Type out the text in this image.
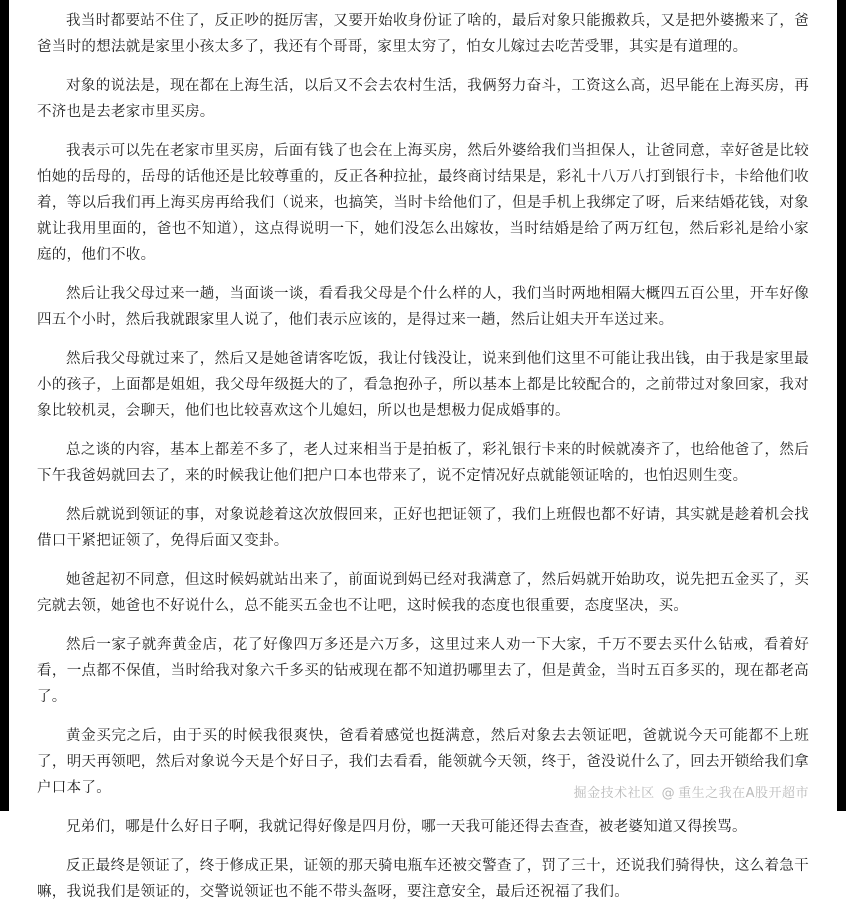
我当时都要站不住了，反正吵的挺厉害，又要开始收身份证了啥的，最后对象只能搬救兵，又是把外婆搬来了，爸爸当时的想法就是家里小孩太多了，我还有个哥哥，家里太穷了，怕女儿嫁过去吃苦受罪，其实是有道理的。

对象的说法是，现在都在上海生活，以后又不会去农村生活，我俩努力奋斗，工资这么高，迟早能在上海买房，再不济也是去老家市里买房。

我表示可以先在老家市里买房，后面有钱了也会在上海买房，然后外婆给我们当担保人，让爸同意，幸好爸是比较怕她的岳母的，岳母的话他还是比较尊重的，反正各种拉扯，最终商讨结果是，彩礼十八万八打到银行卡，卡给他们收着，等以后我们再上海买房再给我们（说来，也搞笑，当时卡给他们了，但是手机上我绑定了呀，后来结婚花钱，对象就让我用里面的，爸也不知道），这点得说明一下，她们没怎么出嫁妆，当时结婚是给了两万红包，然后彩礼是给小家庭的，他们不收。

然后让我父母过来一趟，当面谈一谈，看看我父母是个什么样的人，我们当时两地相隔大概四五百公里，开车好像四五个小时，然后我就跟家里人说了，他们表示应该的，是得过来一趟，然后让姐夫开车送过来。

然后我父母就过来了，然后又是她爸请客吃饭，我让付钱没让，说来到他们这里不可能让我出钱，由于我是家里最小的孩子，上面都是姐姐，我父母年级挺大的了，看急抱孙子，所以基本上都是比较配合的，之前带过对象回家，我对象比较机灵，会聊天，他们也比较喜欢这个儿媳妇，所以也是想极力促成婚事的。

总之谈的内容，基本上都差不多了，老人过来相当于是拍板了，彩礼银行卡来的时候就凑齐了，也给他爸了，然后下午我爸妈就回去了，来的时候我让他们把户口本也带来了，说不定情况好点就能领证啥的，也怕迟则生变。

然后就说到领证的事，对象说趁着这次放假回来，正好也把证领了，我们上班假也都不好请，其实就是趁着机会找借口干紧把证领了，免得后面又变卦。

她爸起初不同意，但这时候妈就站出来了，前面说到妈已经对我满意了，然后妈就开始助攻，说先把五金买了，买完就去领，她爸也不好说什么，总不能买五金也不让吧，这时候我的态度也很重要，态度坚决，买。

然后一家子就奔黄金店，花了好像四万多还是六万多，这里过来人劝一下大家，千万不要去买什么钻戒，看着好看，一点都不保值，当时给我对象六千多买的钻戒现在都不知道扔哪里去了，但是黄金，当时五百多买的，现在都老高了。

黄金买完之后，由于买的时候我很爽快，爸看着感觉也挺满意，然后对象去去领证吧，爸就说今天可能都不上班了，明天再领吧，然后对象说今天是个好日子，我们去看看，能领就今天领，终于，爸没说什么了，回去开锁给我们拿户口本了。

兄弟们，哪是什么好日子啊，我就记得好像是四月份，哪一天我可能还得去查查，被老婆知道又得挨骂。

反正最终是领证了，终于修成正果，证领的那天骑电瓶车还被交警查了，罚了三十，还说我们骑得快，这么着急干嘛，我说我们是领证的，交警说领证也不能不带头盔呀，要注意安全，最后还祝福了我们。

掘金技术社区 @ 重生之我在A股开超市
